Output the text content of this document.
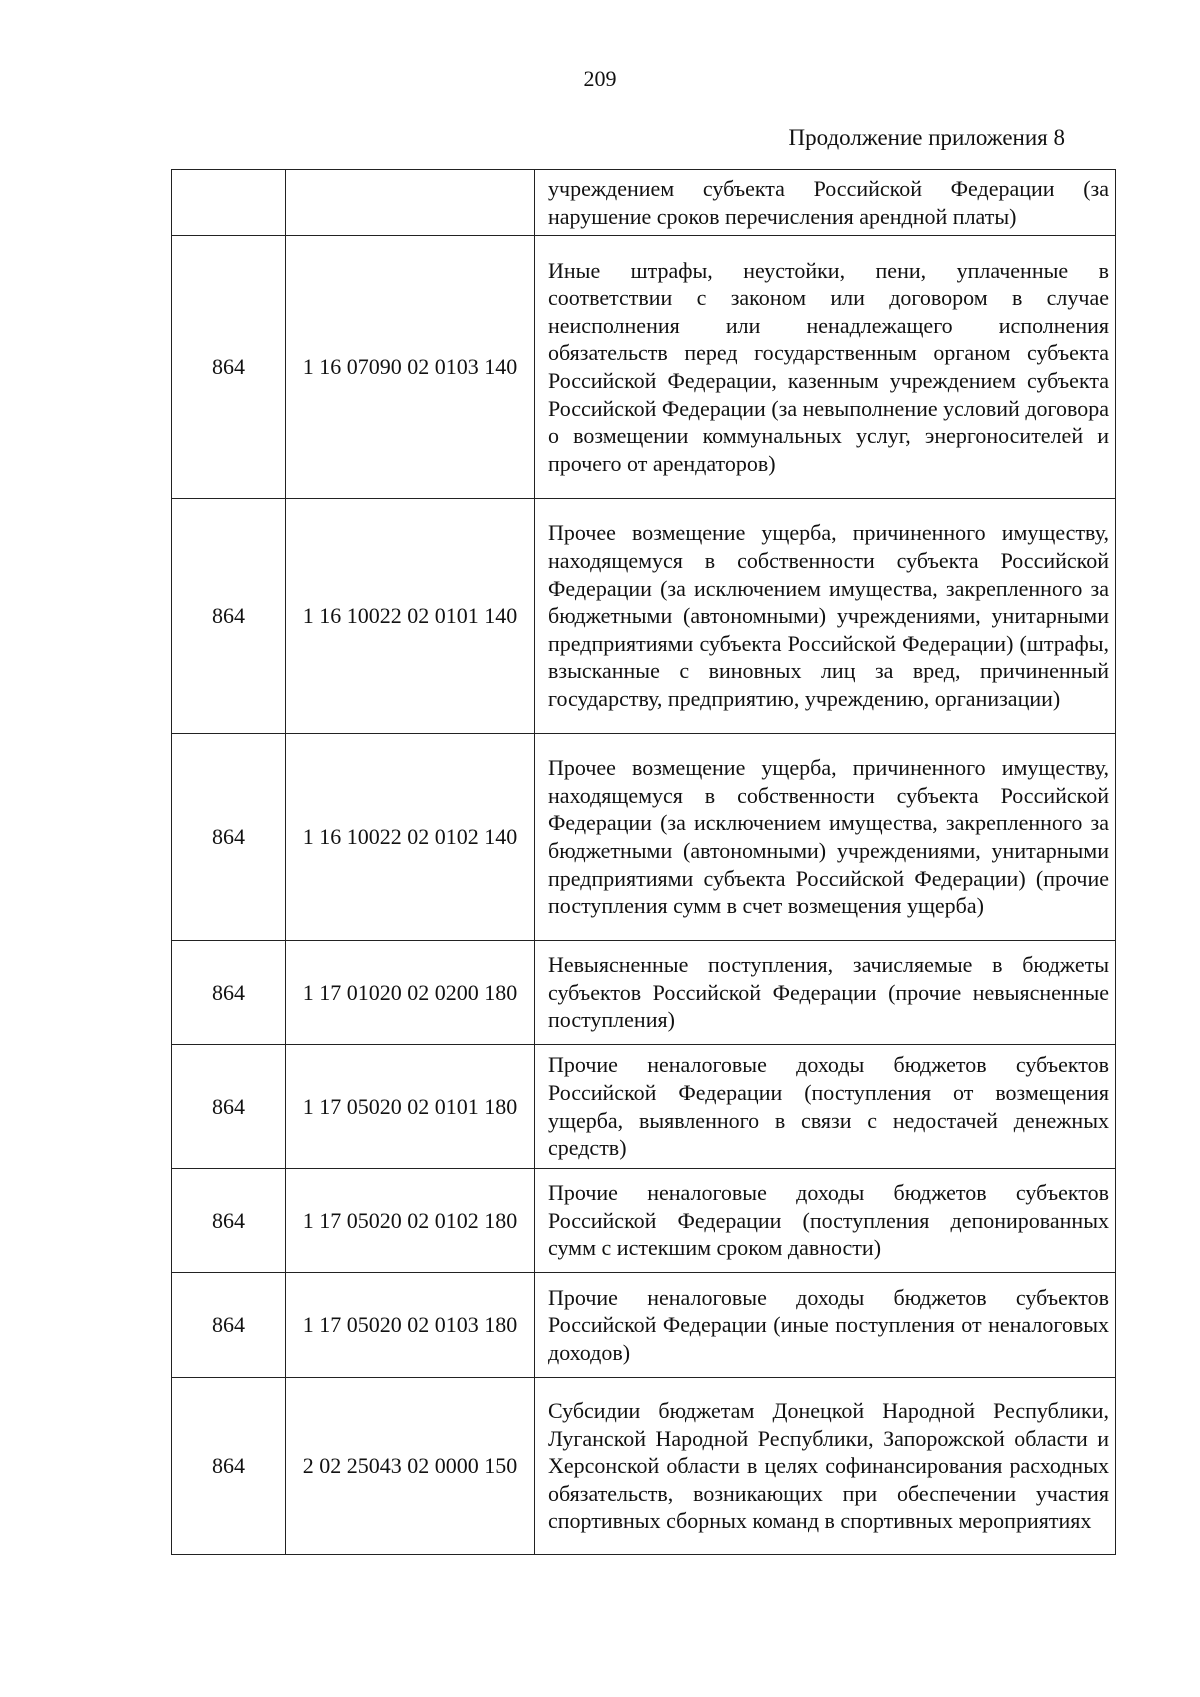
209
Продолжение приложения 8
		учреждением субъекта Российской Федерации (за нарушение сроков перечисления арендной платы)
864	1 16 07090 02 0103 140	Иные штрафы, неустойки, пени, уплаченные в соответствии с законом или договором в случае неисполнения или ненадлежащего исполнения обязательств перед государственным органом субъекта Российской Федерации, казенным учреждением субъекта Российской Федерации (за невыполнение условий договора о возмещении коммунальных услуг, энергоносителей и прочего от арендаторов)
864	1 16 10022 02 0101 140	Прочее возмещение ущерба, причиненного имуществу, находящемуся в собственности субъекта Российской Федерации (за исключением имущества, закрепленного за бюджетными (автономными) учреждениями, унитарными предприятиями субъекта Российской Федерации) (штрафы, взысканные с виновных лиц за вред, причиненный государству, предприятию, учреждению, организации)
864	1 16 10022 02 0102 140	Прочее возмещение ущерба, причиненного имуществу, находящемуся в собственности субъекта Российской Федерации (за исключением имущества, закрепленного за бюджетными (автономными) учреждениями, унитарными предприятиями субъекта Российской Федерации) (прочие поступления сумм в счет возмещения ущерба)
864	1 17 01020 02 0200 180	Невыясненные поступления, зачисляемые в бюджеты субъектов Российской Федерации (прочие невыясненные поступления)
864	1 17 05020 02 0101 180	Прочие неналоговые доходы бюджетов субъектов Российской Федерации (поступления от возмещения ущерба, выявленного в связи с недостачей денежных средств)
864	1 17 05020 02 0102 180	Прочие неналоговые доходы бюджетов субъектов Российской Федерации (поступления депонированных сумм с истекшим сроком давности)
864	1 17 05020 02 0103 180	Прочие неналоговые доходы бюджетов субъектов Российской Федерации (иные поступления от неналоговых доходов)
864	2 02 25043 02 0000 150	Субсидии бюджетам Донецкой Народной Республики, Луганской Народной Республики, Запорожской области и Херсонской области в целях софинансирования расходных обязательств, возникающих при обеспечении участия спортивных сборных команд в спортивных мероприятиях
